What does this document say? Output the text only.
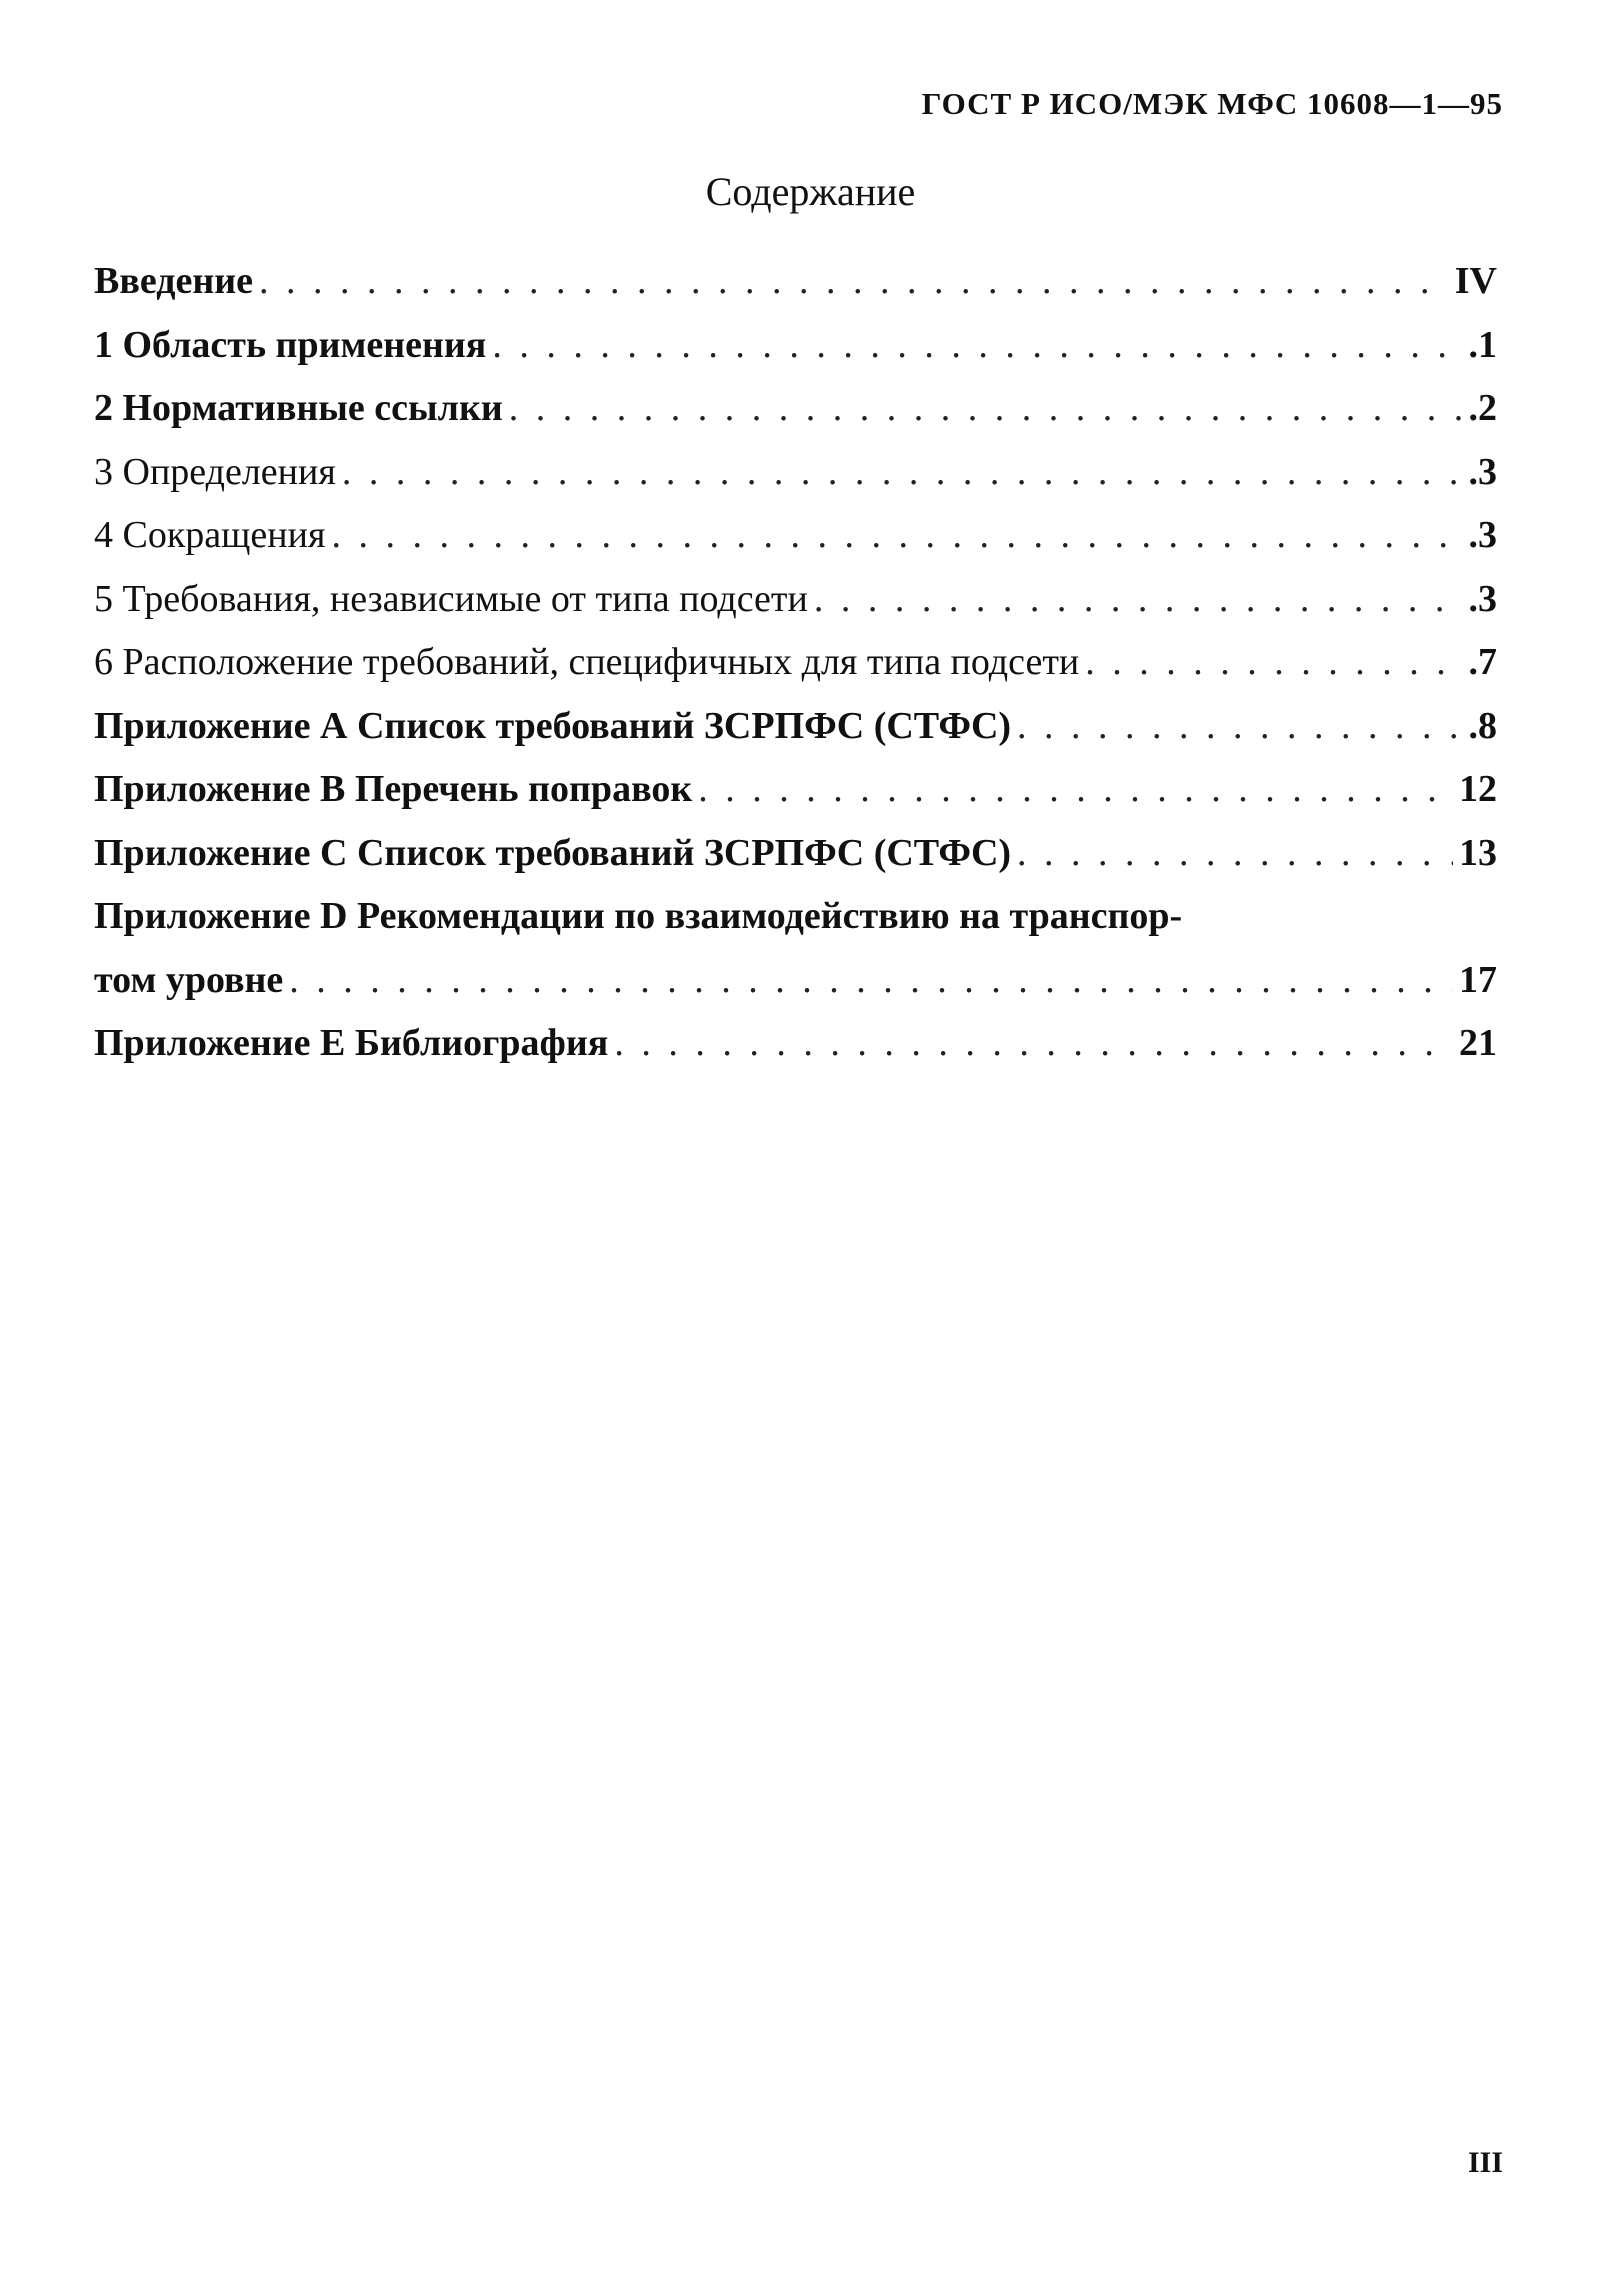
ГОСТ Р ИСО/МЭК МФС 10608—1—95
Содержание
Введение . . .	IV
1 Область применения . . .	.1
2 Нормативные ссылки . . .	.2
3 Определения . . .	.3
4 Сокращения . . .	.3
5 Требования, независимые от типа подсети . . .	.3
6 Расположение требований, специфичных для типа подсети . . .	.7
Приложение А Список требований ЗСРПФС (СТФС) . . .	.8
Приложение В Перечень поправок . . .	12
Приложение С Список требований ЗСРПФС (СТФС) . . .	13
Приложение D Рекомендации по взаимодействию на транспор-
том уровне . . .	17
Приложение Е Библиография . . .	21
III
